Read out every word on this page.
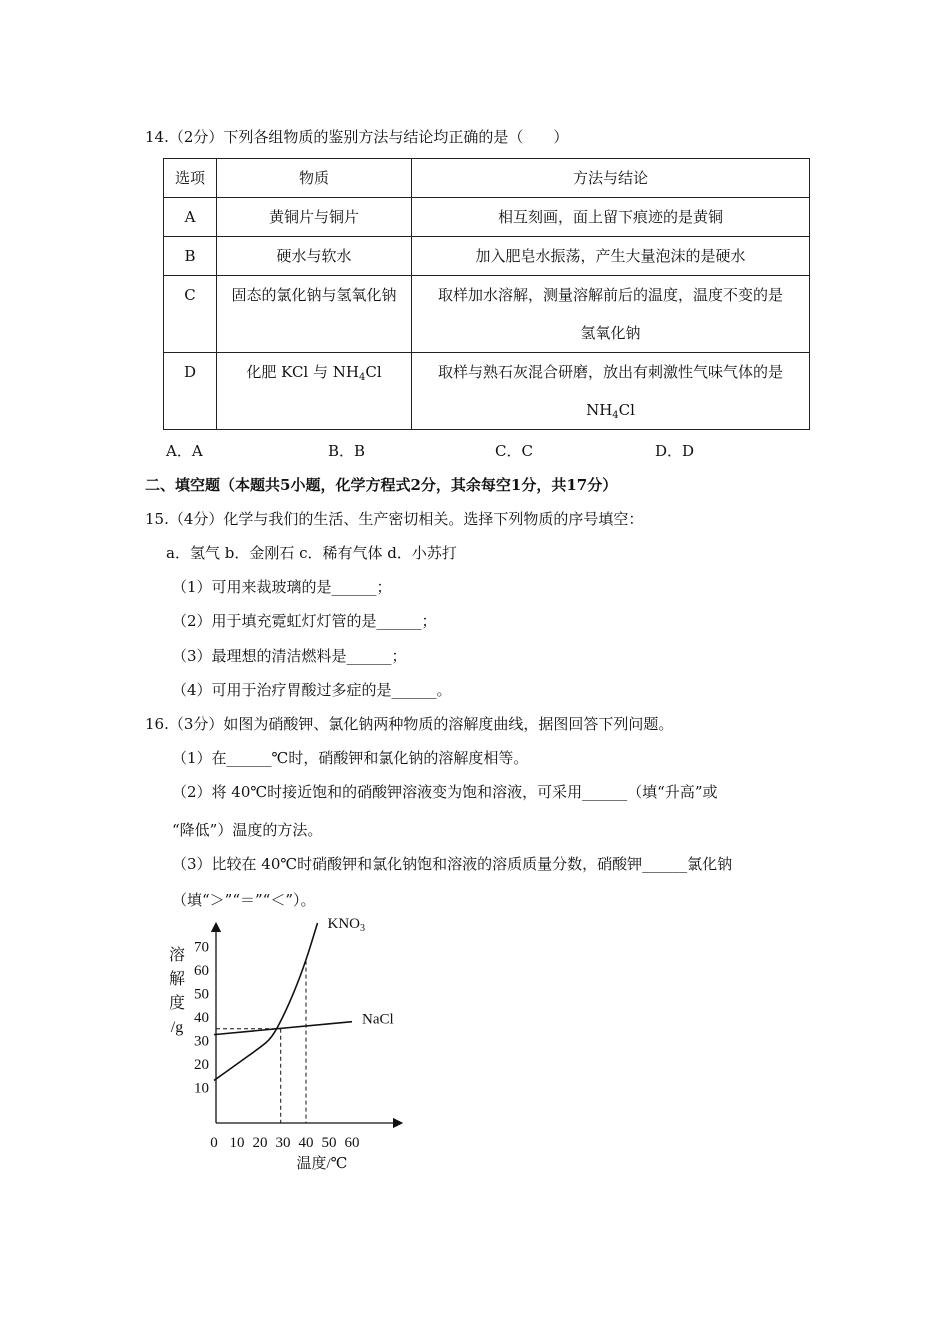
14.（2分）下列各组物质的鉴别方法与结论均正确的是（　　）
选项	物质	方法与结论
A	黄铜片与铜片	相互刻画，面上留下痕迹的是黄铜
B	硬水与软水	加入肥皂水振荡，产生大量泡沫的是硬水
C	固态的氯化钠与氢氧化钠	取样加水溶解，测量溶解前后的温度，温度不变的是
氢氧化钠

D	化肥 KCl 与 $NH_4Cl$	取样与熟石灰混合研磨，放出有刺激性气味气体的是
$NH_4Cl$
A．A	B．B	C．C	D．D
二、填空题（本题共5小题，化学方程式2分，其余每空1分，共17分）
15.（4分）化学与我们的生活、生产密切相关。选择下列物质的序号填空：
a．氢气 b．金刚石 c．稀有气体 d．小苏打
（1）可用来裁玻璃的是______；
（2）用于填充霓虹灯灯管的是______；
（3）最理想的清洁燃料是______；
（4）可用于治疗胃酸过多症的是______。
16.（3分）如图为硝酸钾、氯化钠两种物质的溶解度曲线，据图回答下列问题。
（1）在______℃时，硝酸钾和氯化钠的溶解度相等。
（2）将 40℃时接近饱和的硝酸钾溶液变为饱和溶液，可采用______（填“升高”或
“降低”）温度的方法。
（3）比较在 40℃时硝酸钾和氯化钠饱和溶液的溶质质量分数，硝酸钾______氯化钠
（填“＞”“＝”“＜”）。
10
20
30
40
50
60
70
0 10 20 30 40 50 60
溶
解
度
/g
$KNO_3$
NaCl
温度/℃
